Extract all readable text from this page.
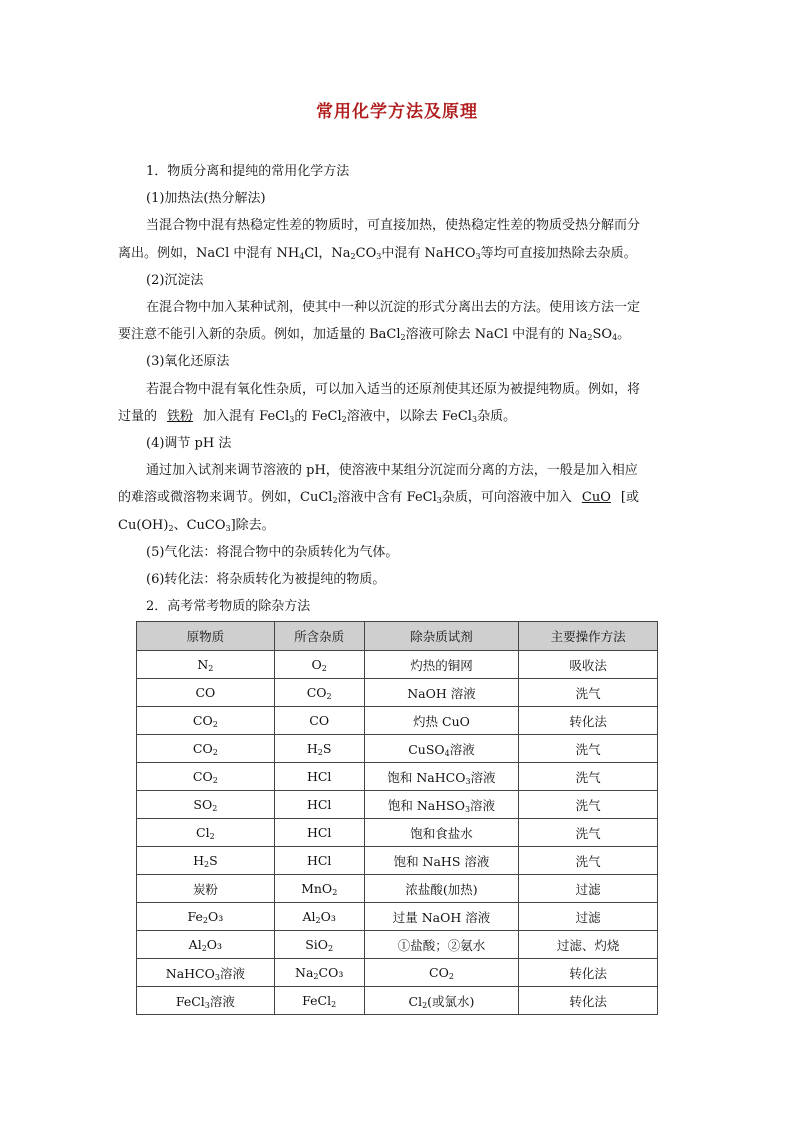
常用化学方法及原理

1．物质分离和提纯的常用化学方法

(1)加热法(热分解法)

当混合物中混有热稳定性差的物质时，可直接加热，使热稳定性差的物质受热分解而分

离出。例如，NaCl 中混有 $NH_4Cl$，$Na_2CO_3$中混有 NaHCO$_3$等均可直接加热除去杂质。

(2)沉淀法

在混合物中加入某种试剂，使其中一种以沉淀的形式分离出去的方法。使用该方法一定

要注意不能引入新的杂质。例如，加适量的 BaCl$_2$溶液可除去 NaCl 中混有的 $Na_2SO_4$。

(3)氧化还原法

若混合物中混有氧化性杂质，可以加入适当的还原剂使其还原为被提纯物质。例如，将

过量的 铁粉 加入混有 FeCl$_3$的 FeCl$_2$溶液中，以除去 FeCl$_3$杂质。

(4)调节 pH 法

通过加入试剂来调节溶液的 pH，使溶液中某组分沉淀而分离的方法，一般是加入相应

的难溶或微溶物来调节。例如，CuCl$_2$溶液中含有 FeCl$_3$杂质，可向溶液中加入 CuO [或

$Cu(OH)_2$、CuCO$_3$]除去。

(5)气化法：将混合物中的杂质转化为气体。

(6)转化法：将杂质转化为被提纯的物质。

2．高考常考物质的除杂方法

原物质	所含杂质	除杂质试剂	主要操作方法
$N_2$	$O_2$	灼热的铜网	吸收法
CO	$CO_2$	NaOH 溶液	洗气
$CO_2$	CO	灼热 CuO	转化法
$CO_2$	$H_2S$	CuSO$_4$溶液	洗气
$CO_2$	HCl	饱和 NaHCO$_3$溶液	洗气
$SO_2$	HCl	饱和 NaHSO$_3$溶液	洗气
$Cl_2$	HCl	饱和食盐水	洗气
$H_2S$	HCl	饱和 NaHS 溶液	洗气
炭粉	MnO$_2$	浓盐酸(加热)	过滤
$Fe_2O_3$	$Al_2O_3$	过量 NaOH 溶液	过滤
$Al_2O_3$	SiO$_2$	①盐酸；②氨水	过滤、灼烧
NaHCO$_3$溶液	$Na_2CO_3$	$CO_2$	转化法
FeCl$_3$溶液	FeCl$_2$	$Cl_2$(或氯水)	转化法
